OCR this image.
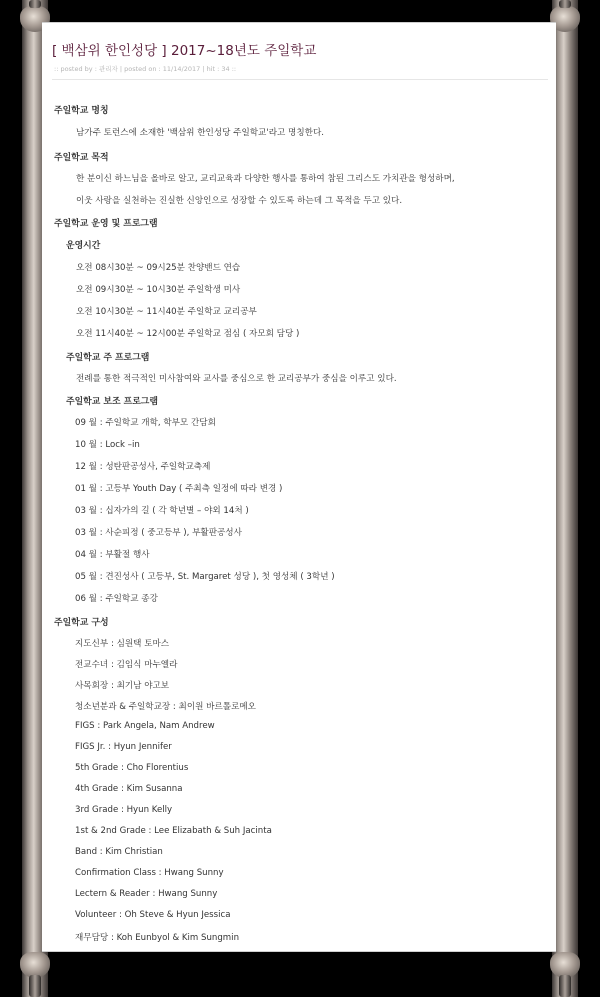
[ 백삼위 한인성당 ] 2017~18년도 주일학교
:: posted by : 관리자 | posted on : 11/14/2017 | hit : 34 ::
주일학교 명칭
남가주 토런스에 소재한 '백삼위 한인성당 주일학교'라고 명칭한다.
주일학교 목적
한 분이신 하느님을 올바로 알고, 교리교육과 다양한 행사를 통하여 참된 그리스도 가치관을 형성하며,
이웃 사랑을 실천하는 진실한 신앙인으로 성장할 수 있도록 하는데 그 목적을 두고 있다.
주일학교 운영 및 프로그램
운영시간
오전 08시30분 ~ 09시25분 찬양밴드 연습
오전 09시30분 ~ 10시30분 주일학생 미사
오전 10시30분 ~ 11시40분 주일학교 교리공부
오전 11시40분 ~ 12시00분 주일학교 점심 ( 자모회 담당 )
주일학교 주 프로그램
전례를 통한 적극적인 미사참여와 교사를 중심으로 한 교리공부가 중심을 이루고 있다.
주일학교 보조 프로그램
09 월 : 주일학교 개학, 학부모 간담회
10 월 : Lock –in
12 월 : 성탄판공성사, 주일학교축제
01 월 : 고등부 Youth Day ( 주최측 일정에 따라 변경 )
03 월 : 십자가의 길 ( 각 학년별 – 야외 14처 )
03 월 : 사순피정 ( 중고등부 ), 부활판공성사
04 월 : 부활절 행사
05 월 : 견진성사 ( 고등부, St. Margaret 성당 ), 첫 영성체 ( 3학년 )
06 월 : 주일학교 종강
주일학교 구성
지도신부 : 심원택 토마스
전교수녀 : 김임식 마누엘라
사목회장 : 최기남 야고보
청소년분과 & 주일학교장 : 최이원 바르톨로메오
FIGS : Park Angela, Nam Andrew
FIGS Jr. : Hyun Jennifer
5th Grade : Cho Florentius
4th Grade : Kim Susanna
3rd Grade : Hyun Kelly
1st & 2nd Grade : Lee Elizabath & Suh Jacinta
Band : Kim Christian
Confirmation Class : Hwang Sunny
Lectern & Reader : Hwang Sunny
Volunteer : Oh Steve & Hyun Jessica
재무담당 : Koh Eunbyol & Kim Sungmin
